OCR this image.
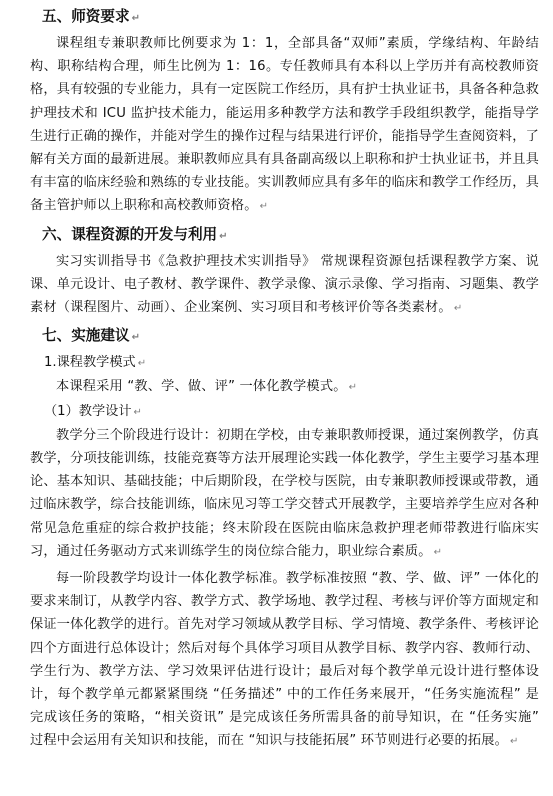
五、师资要求 ↵

课程组专兼职教师比例要求为 1：1，全部具备“双师”素质，学缘结构、年龄结构、职称结构合理，师生比例为 1：16。专任教师具有本科以上学历并有高校教师资格，具有较强的专业能力，具有一定医院工作经历，具有护士执业证书，具备各种急救护理技术和 ICU 监护技术能力，能运用多种教学方法和教学手段组织教学，能指导学生进行正确的操作，并能对学生的操作过程与结果进行评价，能指导学生查阅资料，了解有关方面的最新进展。兼职教师应具有具备副高级以上职称和护士执业证书，并且具有丰富的临床经验和熟练的专业技能。实训教师应具有多年的临床和教学工作经历，具备主管护师以上职称和高校教师资格。 ↵

六、课程资源的开发与利用 ↵

实习实训指导书《急救护理技术实训指导》 常规课程资源包括课程教学方案、说课、单元设计、电子教材、教学课件、教学录像、演示录像、学习指南、习题集、教学素材（课程图片、动画）、企业案例、实习项目和考核评价等各类素材。 ↵

七、实施建议 ↵
1.课程教学模式 ↵

本课程采用 “教、学、做、评” 一体化教学模式。 ↵

（1）教学设计 ↵

教学分三个阶段进行设计：初期在学校，由专兼职教师授课，通过案例教学，仿真教学，分项技能训练，技能竞赛等方法开展理论实践一体化教学，学生主要学习基本理论、基本知识、基础技能；中后期阶段，在学校与医院，由专兼职教师授课或带教，通过临床教学，综合技能训练，临床见习等工学交替式开展教学，主要培养学生应对各种常见急危重症的综合救护技能；终末阶段在医院由临床急救护理老师带教进行临床实习，通过任务驱动方式来训练学生的岗位综合能力，职业综合素质。 ↵

每一阶段教学均设计一体化教学标准。教学标准按照 “教、学、做、评” 一体化的要求来制订，从教学内容、教学方式、教学场地、教学过程、考核与评价等方面规定和保证一体化教学的进行。首先对学习领域从教学目标、学习情境、教学条件、考核评论四个方面进行总体设计；然后对每个具体学习项目从教学目标、教学内容、教师行动、学生行为、教学方法、学习效果评估进行设计；最后对每个教学单元设计进行整体设计，每个教学单元都紧紧围绕 “任务描述” 中的工作任务来展开，“任务实施流程” 是完成该任务的策略，“相关资讯” 是完成该任务所需具备的前导知识，在 “任务实施” 过程中会运用有关知识和技能，而在 “知识与技能拓展” 环节则进行必要的拓展。 ↵
